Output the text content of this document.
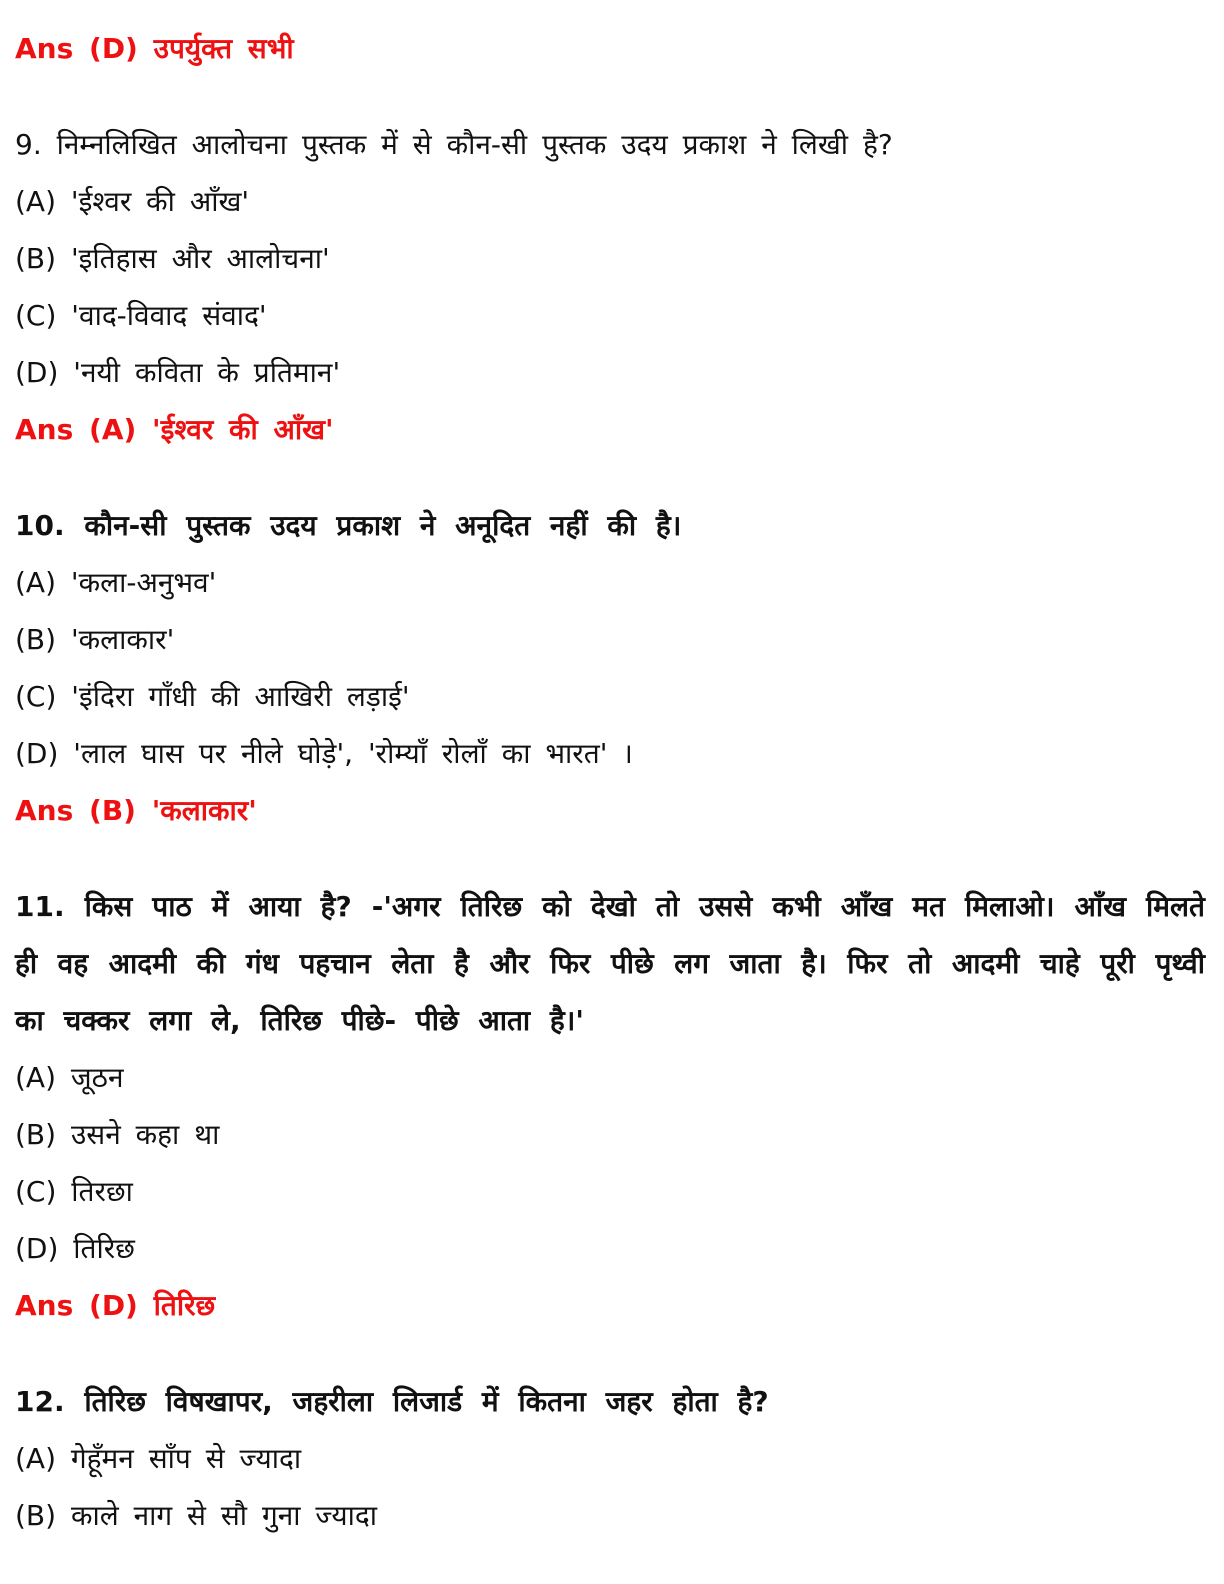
Ans (D) उपर्युक्त सभी
9. निम्नलिखित आलोचना पुस्तक में से कौन-सी पुस्तक उदय प्रकाश ने लिखी है?
(A) 'ईश्वर की आँख'
(B) 'इतिहास और आलोचना'
(C) 'वाद-विवाद संवाद'
(D) 'नयी कविता के प्रतिमान'
Ans (A) 'ईश्वर की आँख'
10. कौन-सी पुस्तक उदय प्रकाश ने अनूदित नहीं की है।
(A) 'कला-अनुभव'
(B) 'कलाकार'
(C) 'इंदिरा गाँधी की आखिरी लड़ाई'
(D) 'लाल घास पर नीले घोड़े', 'रोम्याँ रोलाँ का भारत' ।
Ans (B) 'कलाकार'
11. किस पाठ में आया है? -'अगर तिरिछ को देखो तो उससे कभी आँख मत मिलाओ। आँख मिलते ही वह आदमी की गंध पहचान लेता है और फिर पीछे लग जाता है। फिर तो आदमी चाहे पूरी पृथ्वी का चक्कर लगा ले, तिरिछ पीछे- पीछे आता है।'
(A) जूठन
(B) उसने कहा था
(C) तिरछा
(D) तिरिछ
Ans (D) तिरिछ
12. तिरिछ विषखापर, जहरीला लिजार्ड में कितना जहर होता है?
(A) गेहूँमन साँप से ज्यादा
(B) काले नाग से सौ गुना ज्यादा
